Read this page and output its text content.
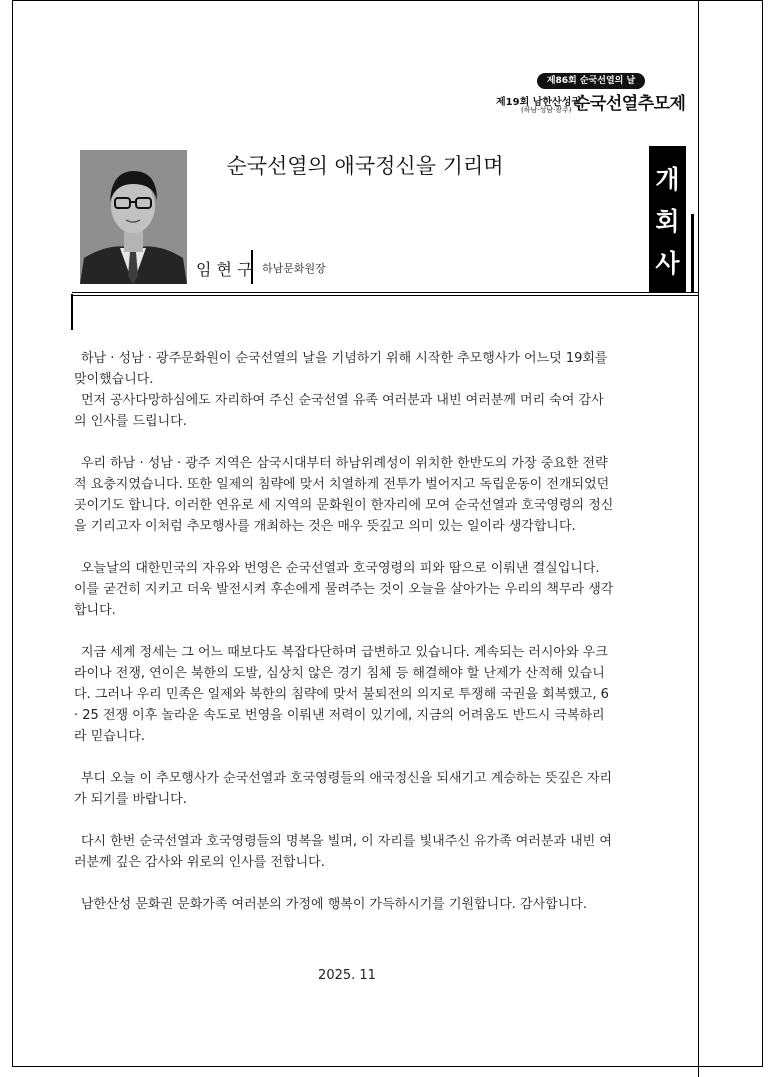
제86회 순국선열의 날
제19회 남한산성권
(하남·성남·광주) 순국선열추모제
순국선열의 애국정신을 기리며
임 현 구 하남문화원장
개
회
사

하남 · 성남 · 광주문화원이 순국선열의 날을 기념하기 위해 시작한 추모행사가 어느덧 19회를 맞이했습니다.

먼저 공사다망하심에도 자리하여 주신 순국선열 유족 여러분과 내빈 여러분께 머리 숙여 감사의 인사를 드립니다.

우리 하남 · 성남 · 광주 지역은 삼국시대부터 하남위례성이 위치한 한반도의 가장 중요한 전략적 요충지였습니다. 또한 일제의 침략에 맞서 치열하게 전투가 벌어지고 독립운동이 전개되었던 곳이기도 합니다. 이러한 연유로 세 지역의 문화원이 한자리에 모여 순국선열과 호국영령의 정신을 기리고자 이처럼 추모행사를 개최하는 것은 매우 뜻깊고 의미 있는 일이라 생각합니다.

오늘날의 대한민국의 자유와 번영은 순국선열과 호국영령의 피와 땀으로 이뤄낸 결실입니다. 이를 굳건히 지키고 더욱 발전시켜 후손에게 물려주는 것이 오늘을 살아가는 우리의 책무라 생각합니다.

지금 세계 정세는 그 어느 때보다도 복잡다단하며 급변하고 있습니다. 계속되는 러시아와 우크라이나 전쟁, 연이은 북한의 도발, 심상치 않은 경기 침체 등 해결해야 할 난제가 산적해 있습니다. 그러나 우리 민족은 일제와 북한의 침략에 맞서 불퇴전의 의지로 투쟁해 국권을 회복했고, 6 · 25 전쟁 이후 놀라운 속도로 번영을 이뤄낸 저력이 있기에, 지금의 어려움도 반드시 극복하리라 믿습니다.

부디 오늘 이 추모행사가 순국선열과 호국영령들의 애국정신을 되새기고 계승하는 뜻깊은 자리가 되기를 바랍니다.

다시 한번 순국선열과 호국영령들의 명복을 빌며, 이 자리를 빛내주신 유가족 여러분과 내빈 여러분께 깊은 감사와 위로의 인사를 전합니다.

남한산성 문화권 문화가족 여러분의 가정에 행복이 가득하시기를 기원합니다. 감사합니다.

2025. 11
